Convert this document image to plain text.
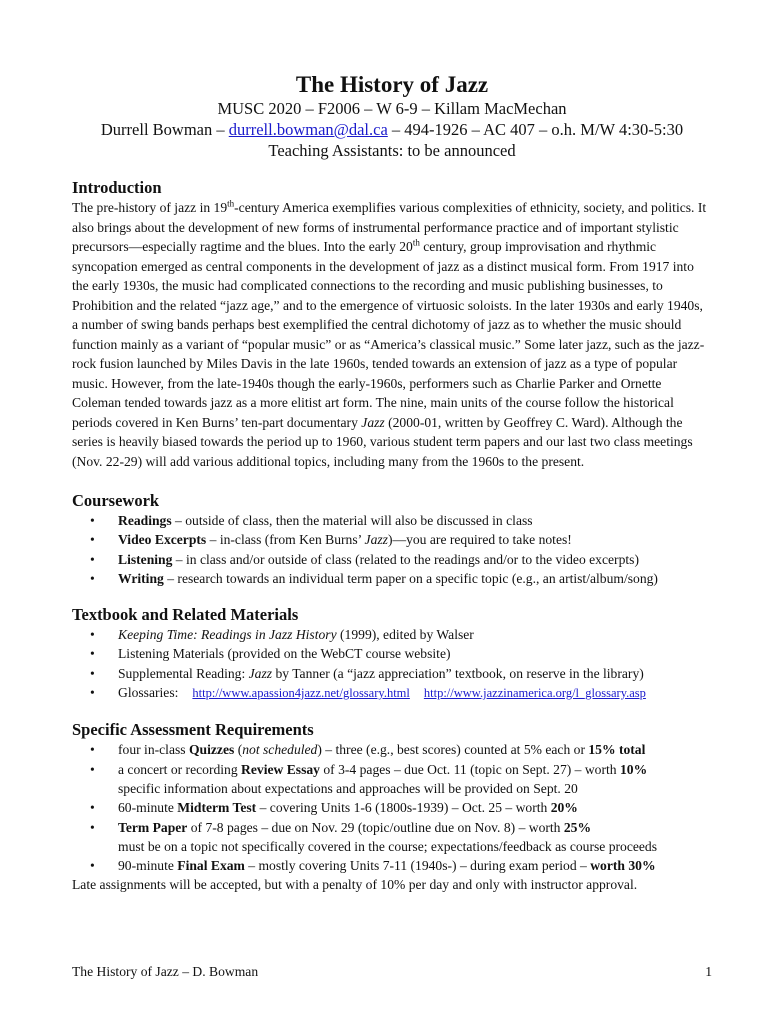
The History of Jazz
MUSC 2020 – F2006 – W 6-9 – Killam MacMechan
Durrell Bowman – durrell.bowman@dal.ca – 494-1926 – AC 407 – o.h. M/W 4:30-5:30
Teaching Assistants: to be announced
Introduction

The pre-history of jazz in 19th-century America exemplifies various complexities of ethnicity, society, and politics. It also brings about the development of new forms of instrumental performance practice and of important stylistic precursors—especially ragtime and the blues. Into the early 20th century, group improvisation and rhythmic syncopation emerged as central components in the development of jazz as a distinct musical form. From 1917 into the early 1930s, the music had complicated connections to the recording and music publishing businesses, to Prohibition and the related “jazz age,” and to the emergence of virtuosic soloists. In the later 1930s and early 1940s, a number of swing bands perhaps best exemplified the central dichotomy of jazz as to whether the music should function mainly as a variant of “popular music” or as “America’s classical music.” Some later jazz, such as the jazz-rock fusion launched by Miles Davis in the late 1960s, tended towards an extension of jazz as a type of popular music. However, from the late-1940s though the early-1960s, performers such as Charlie Parker and Ornette Coleman tended towards jazz as a more elitist art form. The nine, main units of the course follow the historical periods covered in Ken Burns’ ten-part documentary Jazz (2000-01, written by Geoffrey C. Ward). Although the series is heavily biased towards the period up to 1960, various student term papers and our last two class meetings (Nov. 22-29) will add various additional topics, including many from the 1960s to the present.

Coursework
• Readings – outside of class, then the material will also be discussed in class
• Video Excerpts – in-class (from Ken Burns’ Jazz)—you are required to take notes!
• Listening – in class and/or outside of class (related to the readings and/or to the video excerpts)
• Writing – research towards an individual term paper on a specific topic (e.g., an artist/album/song)
Textbook and Related Materials
• Keeping Time: Readings in Jazz History (1999), edited by Walser
• Listening Materials (provided on the WebCT course website)
• Supplemental Reading: Jazz by Tanner (a “jazz appreciation” textbook, on reserve in the library)
• Glossaries: http://www.apassion4jazz.net/glossary.html http://www.jazzinamerica.org/l_glossary.asp
Specific Assessment Requirements
• four in-class Quizzes (not scheduled) – three (e.g., best scores) counted at 5% each or 15% total
• a concert or recording Review Essay of 3-4 pages – due Oct. 11 (topic on Sept. 27) – worth 10%
specific information about expectations and approaches will be provided on Sept. 20
• 60-minute Midterm Test – covering Units 1-6 (1800s-1939) – Oct. 25 – worth 20%
• Term Paper of 7-8 pages – due on Nov. 29 (topic/outline due on Nov. 8) – worth 25%
must be on a topic not specifically covered in the course; expectations/feedback as course proceeds
• 90-minute Final Exam – mostly covering Units 7-11 (1940s-) – during exam period – worth 30%

Late assignments will be accepted, but with a penalty of 10% per day and only with instructor approval.

The History of Jazz – D. Bowman	1
